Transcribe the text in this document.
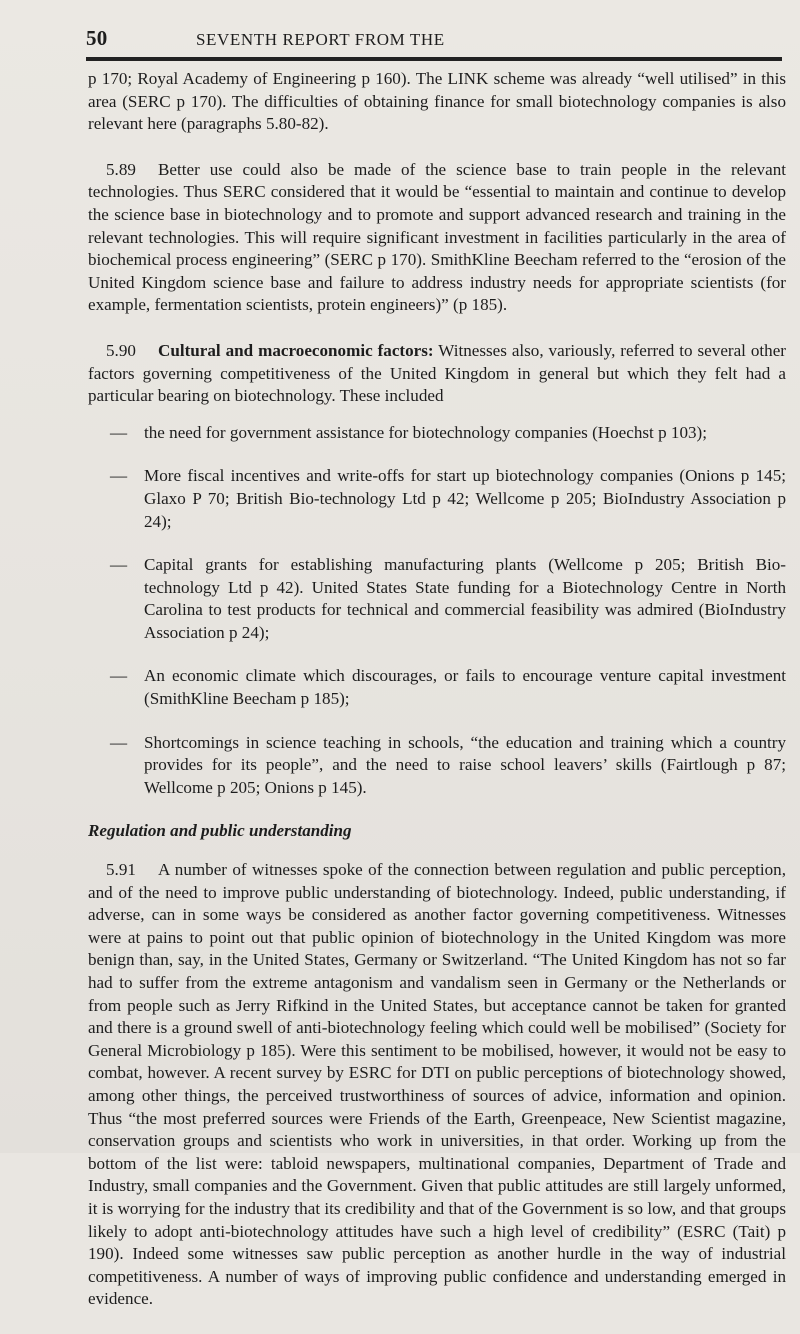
50	SEVENTH REPORT FROM THE

p 170; Royal Academy of Engineering p 160). The LINK scheme was already “well utilised” in this area (SERC p 170). The difficulties of obtaining finance for small biotechnology companies is also relevant here (paragraphs 5.80-82).

5.89 Better use could also be made of the science base to train people in the relevant technologies. Thus SERC considered that it would be “essential to maintain and continue to develop the science base in biotechnology and to promote and support advanced research and training in the relevant technologies. This will require significant investment in facilities particularly in the area of biochemical process engineering” (SERC p 170). SmithKline Beecham referred to the “erosion of the United Kingdom science base and failure to address industry needs for appropriate scientists (for example, fermentation scientists, protein engineers)” (p 185).

5.90 Cultural and macroeconomic factors: Witnesses also, variously, referred to several other factors governing competitiveness of the United Kingdom in general but which they felt had a particular bearing on biotechnology. These included

— the need for government assistance for biotechnology companies (Hoechst p 103);
— More fiscal incentives and write-offs for start up biotechnology companies (Onions p 145; Glaxo P 70; British Bio-technology Ltd p 42; Wellcome p 205; BioIndustry Association p 24);
— Capital grants for establishing manufacturing plants (Wellcome p 205; British Bio-technology Ltd p 42). United States State funding for a Biotechnology Centre in North Carolina to test products for technical and commercial feasibility was admired (BioIndustry Association p 24);
— An economic climate which discourages, or fails to encourage venture capital investment (SmithKline Beecham p 185);
— Shortcomings in science teaching in schools, “the education and training which a country provides for its people”, and the need to raise school leavers’ skills (Fairtlough p 87; Wellcome p 205; Onions p 145).

Regulation and public understanding

5.91 A number of witnesses spoke of the connection between regulation and public perception, and of the need to improve public understanding of biotechnology. Indeed, public understanding, if adverse, can in some ways be considered as another factor governing competitiveness. Witnesses were at pains to point out that public opinion of biotechnology in the United Kingdom was more benign than, say, in the United States, Germany or Switzerland. “The United Kingdom has not so far had to suffer from the extreme antagonism and vandalism seen in Germany or the Netherlands or from people such as Jerry Rifkind in the United States, but acceptance cannot be taken for granted and there is a ground swell of anti-biotechnology feeling which could well be mobilised” (Society for General Microbiology p 185). Were this sentiment to be mobilised, however, it would not be easy to combat, however. A recent survey by ESRC for DTI on public perceptions of biotechnology showed, among other things, the perceived trustworthiness of sources of advice, information and opinion. Thus “the most preferred sources were Friends of the Earth, Greenpeace, New Scientist magazine, conservation groups and scientists who work in universities, in that order. Working up from the bottom of the list were: tabloid newspapers, multinational companies, Department of Trade and Industry, small companies and the Government. Given that public attitudes are still largely unformed, it is worrying for the industry that its credibility and that of the Government is so low, and that groups likely to adopt anti-biotechnology attitudes have such a high level of credibility” (ESRC (Tait) p 190). Indeed some witnesses saw public perception as another hurdle in the way of industrial competitiveness. A number of ways of improving public confidence and understanding emerged in evidence.
